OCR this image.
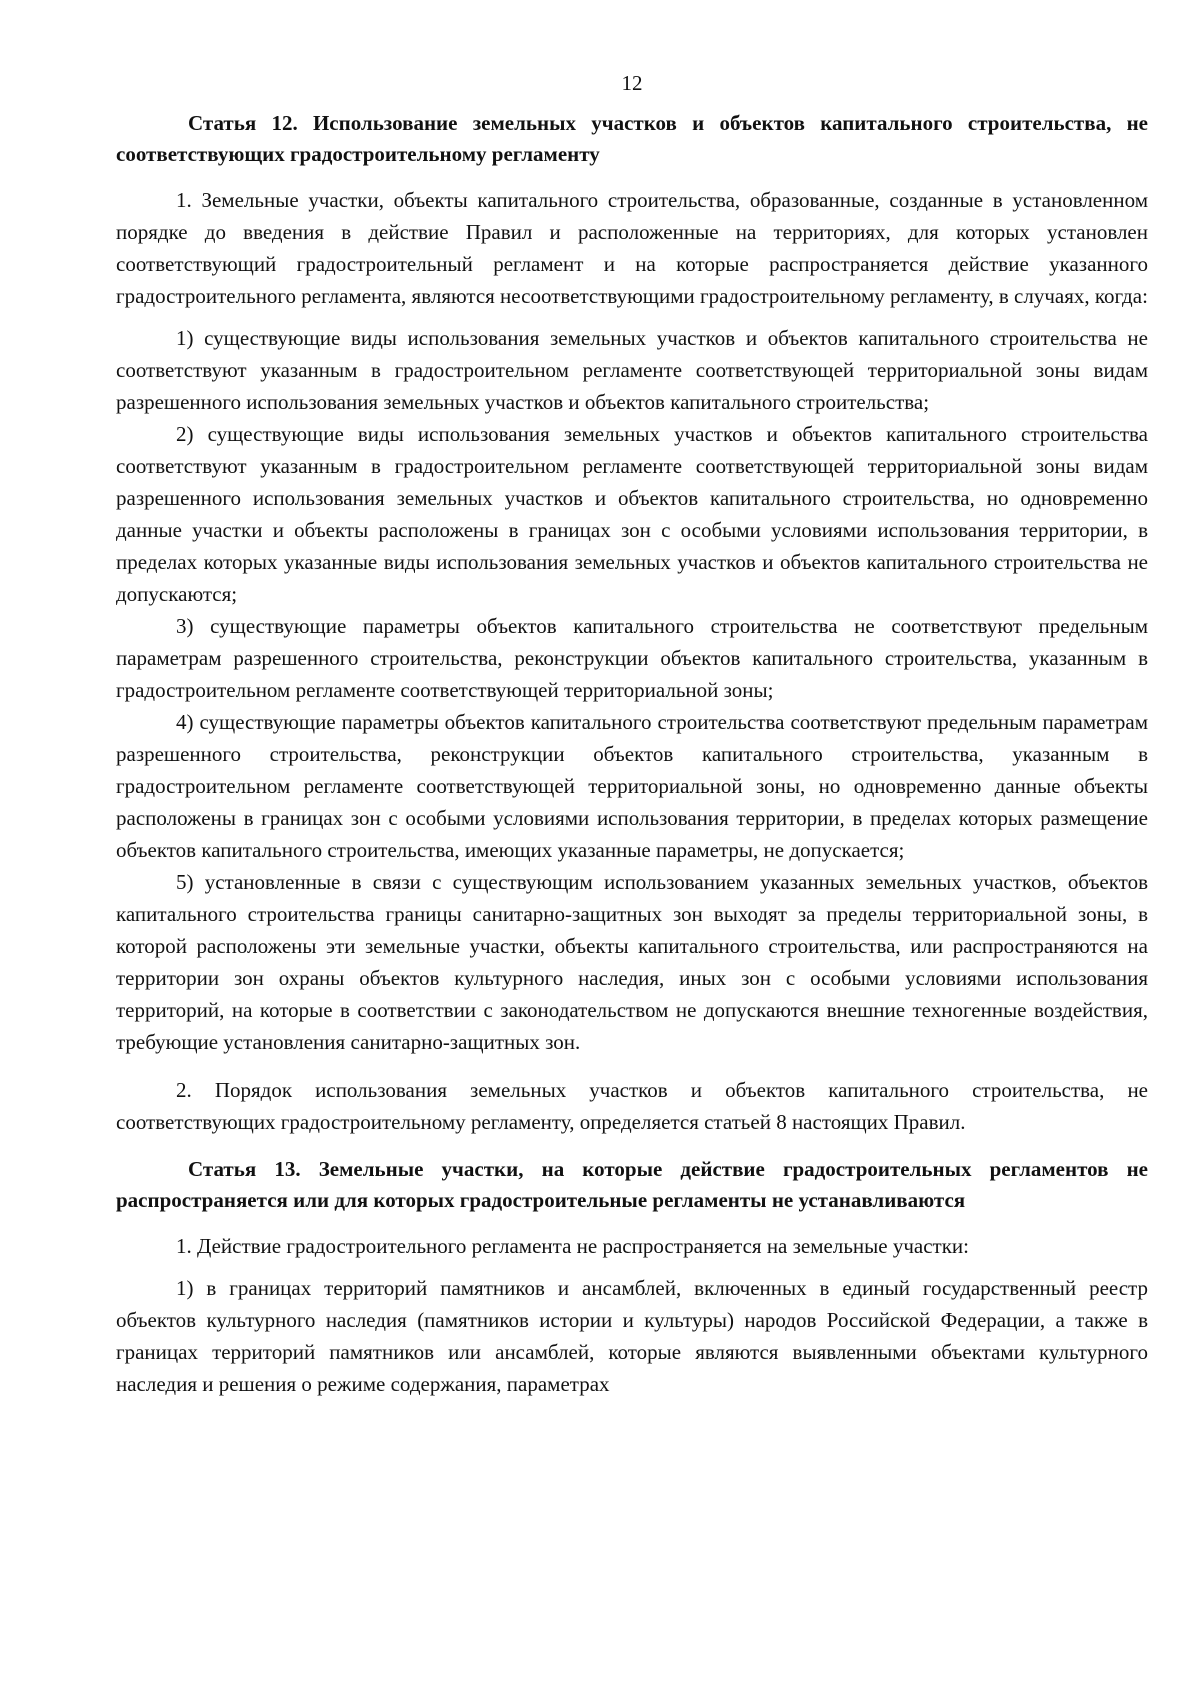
12

Статья 12. Использование земельных участков и объектов капитального строительства, не соответствующих градостроительному регламенту

1. Земельные участки, объекты капитального строительства, образованные, созданные в установленном порядке до введения в действие Правил и расположенные на территориях, для которых установлен соответствующий градостроительный регламент и на которые распространяется действие указанного градостроительного регламента, являются несоответствующими градостроительному регламенту, в случаях, когда:

1) существующие виды использования земельных участков и объектов капитального строительства не соответствуют указанным в градостроительном регламенте соответствующей территориальной зоны видам разрешенного использования земельных участков и объектов капитального строительства;

2) существующие виды использования земельных участков и объектов капитального строительства соответствуют указанным в градостроительном регламенте соответствующей территориальной зоны видам разрешенного использования земельных участков и объектов капитального строительства, но одновременно данные участки и объекты расположены в границах зон с особыми условиями использования территории, в пределах которых указанные виды использования земельных участков и объектов капитального строительства не допускаются;

3) существующие параметры объектов капитального строительства не соответствуют предельным параметрам разрешенного строительства, реконструкции объектов капитального строительства, указанным в градостроительном регламенте соответствующей территориальной зоны;

4) существующие параметры объектов капитального строительства соответствуют предельным параметрам разрешенного строительства, реконструкции объектов капитального строительства, указанным в градостроительном регламенте соответствующей территориальной зоны, но одновременно данные объекты расположены в границах зон с особыми условиями использования территории, в пределах которых размещение объектов капитального строительства, имеющих указанные параметры, не допускается;

5) установленные в связи с существующим использованием указанных земельных участков, объектов капитального строительства границы санитарно-защитных зон выходят за пределы территориальной зоны, в которой расположены эти земельные участки, объекты капитального строительства, или распространяются на территории зон охраны объектов культурного наследия, иных зон с особыми условиями использования территорий, на которые в соответствии с законодательством не допускаются внешние техногенные воздействия, требующие установления санитарно-защитных зон.

2. Порядок использования земельных участков и объектов капитального строительства, не соответствующих градостроительному регламенту, определяется статьей 8 настоящих Правил.

Статья 13. Земельные участки, на которые действие градостроительных регламентов не распространяется или для которых градостроительные регламенты не устанавливаются

1. Действие градостроительного регламента не распространяется на земельные участки:

1) в границах территорий памятников и ансамблей, включенных в единый государственный реестр объектов культурного наследия (памятников истории и культуры) народов Российской Федерации, а также в границах территорий памятников или ансамблей, которые являются выявленными объектами культурного наследия и решения о режиме содержания, параметрах
